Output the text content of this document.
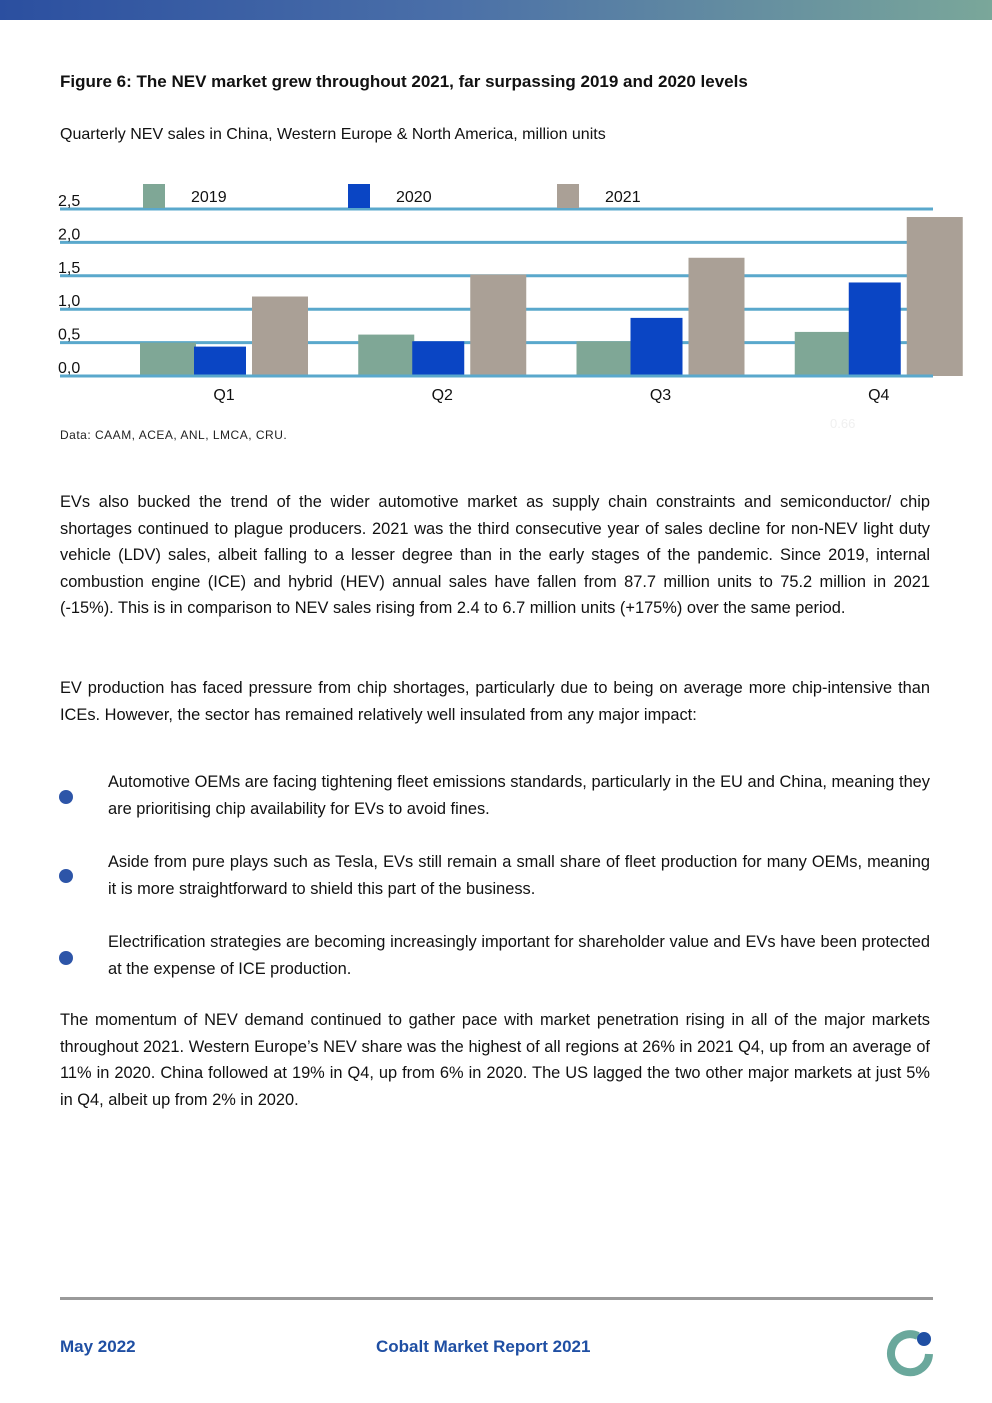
Figure 6: The NEV market grew throughout 2021, far surpassing 2019 and 2020 levels

Quarterly NEV sales in China, Western Europe & North America, million units

0,0
0,5
1,0
1,5
2,0
2,5
Q1	Q2	Q3	Q4
2019	2020	2021
Data: CAAM, ACEA, ANL, LMCA, CRU.
0.66

EVs also bucked the trend of the wider automotive market as supply chain constraints and semiconductor/ chip shortages continued to plague producers. 2021 was the third consecutive year of sales decline for non-NEV light duty vehicle (LDV) sales, albeit falling to a lesser degree than in the early stages of the pandemic. Since 2019, internal combustion engine (ICE) and hybrid (HEV) annual sales have fallen from 87.7 million units to 75.2 million in 2021 (-15%). This is in comparison to NEV sales rising from 2.4 to 6.7 million units (+175%) over the same period.

EV production has faced pressure from chip shortages, particularly due to being on average more chip-intensive than ICEs. However, the sector has remained relatively well insulated from any major impact:

Automotive OEMs are facing tightening fleet emissions standards, particularly in the EU and China, meaning they are prioritising chip availability for EVs to avoid fines.

Aside from pure plays such as Tesla, EVs still remain a small share of fleet production for many OEMs, meaning it is more straightforward to shield this part of the business.

Electrification strategies are becoming increasingly important for shareholder value and EVs have been protected at the expense of ICE production.

The momentum of NEV demand continued to gather pace with market penetration rising in all of the major markets throughout 2021. Western Europe’s NEV share was the highest of all regions at 26% in 2021 Q4, up from an average of 11% in 2020. China followed at 19% in Q4, up from 6% in 2020. The US lagged the two other major markets at just 5% in Q4, albeit up from 2% in 2020.

May 2022	Cobalt Market Report 2021
